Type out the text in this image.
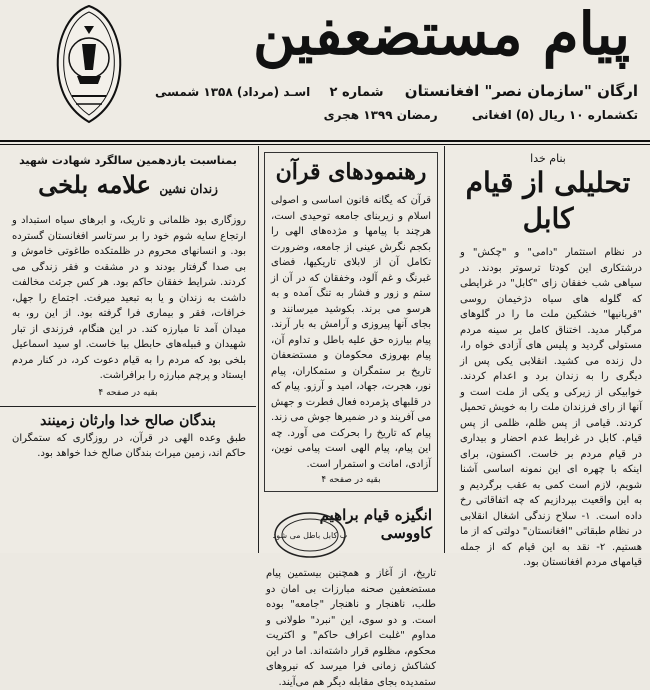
پیام مستضعفین
ارگان "سازمان نصر" افغانستان شماره ۲ اسـد (مرداد) ۱۳۵۸ شمسی
تکشماره ۱۰ ریال (۵) افغانی رمضان ۱۳۹۹ هجری
بنام خدا
تحلیلی از قیام کابل
در نظام استثمار "دامی" و "چکش" و درشتکاری این کودتا ترسوتر بودند. در سیاهی شب خفقان زای "کابل" در غرایطی که گلوله های سیاه دژخیمان روسی "قربانیها" خشکین ملت ما را در گلوهای مرگبار مدید. اختناق کامل بر سینه مردم مستولی گردید و پلیس های آزادی خواه را، دل زنده می کشید. انقلابی یکی پس از دیگری را به زندان برد و اعدام کردند. خوابیکی از زیرکی و یکی از ملت است و آنها از رای فرزندان ملت را به خویش تحمیل کردند. قیامی از پس ظلم، ظلمی از پس قیام. کابل در غرایط عدم احضار و بیداری در قیام مردم بر خاست. اکسنون، برای اینکه با چهره ای این نمونه اساسی آشنا شویم، لازم است کمی به عقب برگردیم و به این واقعیت بپردازیم که چه اتفاقاتی رخ داده است. ۱- سلاح زندگی اشغال انقلابی در نظام طبقاتی "افغانستان" دولتی که از ما هستیم. ۲- نقد به این قیام که از جمله قیامهای مردم افغانستان بود.
رهنمودهای قرآن
قرآن که یگانه قانون اساسی و اصولی اسلام و زیربنای جامعه توحیدی است، هرچند با پیامها و مژده‌های الهی را بکجم نگرش عینی از جامعه، وضرورت تکامل آن از لابلای تاریکیها، فضای غبرنگ و غم آلود، وخفقان که در آن از ستم و زور و فشار به تنگ آمده و به هرسو می برند. بکوشید میرسانند و بجای آنها پیروزی و آرامش به بار آرند. پیام بیارزه حق علیه باطل و تداوم آن، پیام بهروزی محکومان و مستضعفان تاریخ بر ستمگران و ستمکاران، پیام نور، هجرت، جهاد، امید و آرزو. پیام که در قلبهای پژمرده فعال فطرت و جهش می آفریند و در ضمیرها جوش می زند. پیام که تاریخ را بحرکت می آورد. چه این پیام، پیام الهی است پیامی نوین، آزادی، امانت و استمرار است.
بقیه در صفحه ۴
انگیزه قیام براهیم کاووسی
ب کابل باطل می شود
تاریخ، از آغاز و همچنین بیستمین پیام مستضعفین صحنه مبارزات بی امان دو طلب، ناهنجار و ناهنجار "جامعه" بوده است. و دو سوی، این "نبرد" طولانی و مداوم "غلبت اعراف حاکم" و اکثریت محکوم، مظلوم قرار داشته‌اند. اما در این کشاکش زمانی فرا میرسد که نیروهای ستمدیده بجای مقابله دیگر هم می‌آیند.
بمناسبت یازدهمین سالگرد شهادت شهید
زندان نشین علامه بلخی
روزگاری بود ظلمانی و تاریک، و ابرهای سیاه استبداد و ارتجاع سایه شوم خود را بر سرتاسر افغانستان گسترده بود. و انسانهای محروم در ظلمتکده طاغوتی خاموش و بی صدا گرفتار بودند و در مشقت و فقر زندگی می کردند. شرایط خفقان حاکم بود. هر کس جرئت مخالفت داشت به زندان و یا به تبعید میرفت. اجتماع را جهل، خرافات، فقر و بیماری فرا گرفته بود. از این رو، به میدان آمد تا مبارزه کند. در این هنگام، فرزندی از تبار شهیدان و قبیله‌های حابطل بیا خاست. او سید اسماعیل بلخی بود که مردم را به قیام دعوت کرد، در کنار مردم ایستاد و پرچم مبارزه را برافراشت.
بقیه در صفحه ۴
بندگان صالح خدا وارثان زمینند
طبق وعده الهی در قرآن، در روزگاری که ستمگران حاکم اند، زمین میراث بندگان صالح خدا خواهد بود.
